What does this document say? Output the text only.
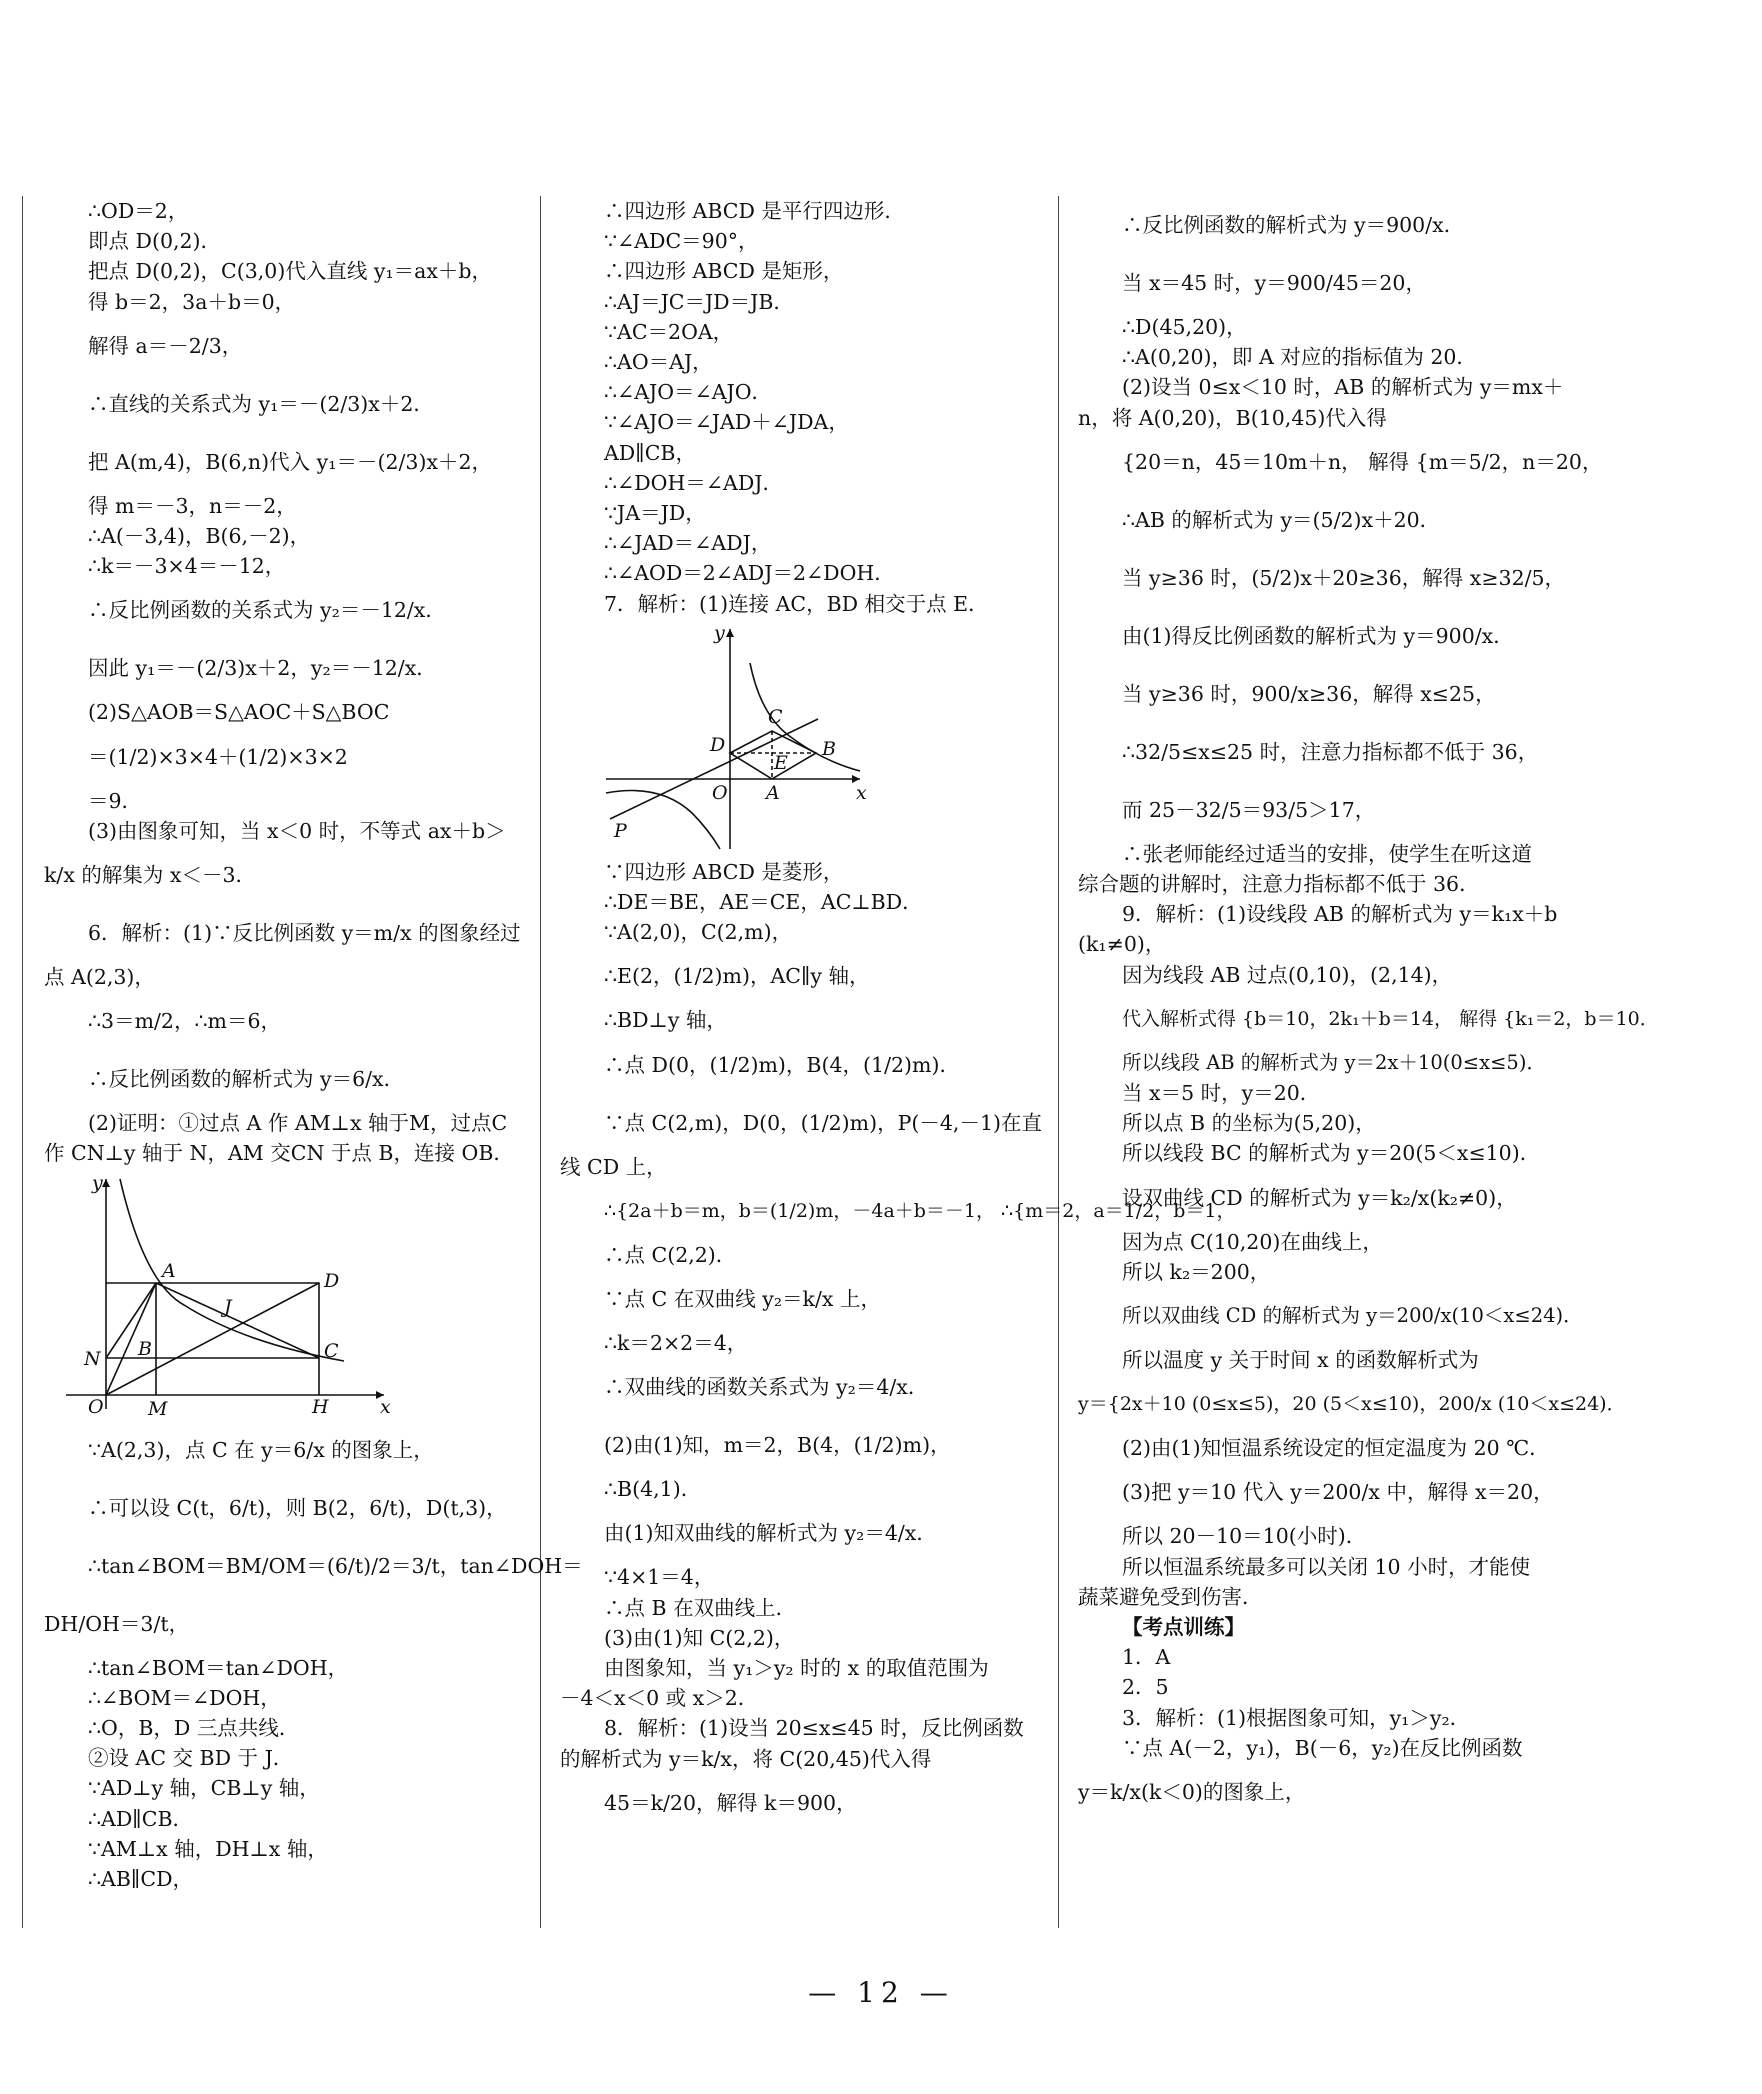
∴OD＝2，
即点 D(0,2)．
把点 D(0,2)，C(3,0)代入直线 y₁＝ax＋b，
得 b＝2，3a＋b＝0，
解得 a＝－2/3，
∴直线的关系式为 y₁＝－(2/3)x＋2．
把 A(m,4)，B(6,n)代入 y₁＝－(2/3)x＋2，
得 m＝－3，n＝－2，
∴A(－3,4)，B(6,－2)，
∴k＝－3×4＝－12，
∴反比例函数的关系式为 y₂＝－12/x．
因此 y₁＝－(2/3)x＋2，y₂＝－12/x．
(2)S△AOB＝S△AOC＋S△BOC
＝(1/2)×3×4＋(1/2)×3×2
＝9．
(3)由图象可知，当 x＜0 时，不等式 ax＋b＞
k/x 的解集为 x＜－3．
6．解析：(1)∵反比例函数 y＝m/x 的图象经过
点 A(2,3)，
∴3＝m/2，∴m＝6，
∴反比例函数的解析式为 y＝6/x．
(2)证明：①过点 A 作 AM⊥x 轴于M，过点C
作 CN⊥y 轴于 N，AM 交CN 于点 B，连接 OB．
y
A	D
J
N B	C
O M	H	x
∵A(2,3)，点 C 在 y＝6/x 的图象上，
∴可以设 C(t，6/t)，则 B(2，6/t)，D(t,3)，
∴tan∠BOM＝BM/OM＝(6/t)/2＝3/t，tan∠DOH＝
DH/OH＝3/t，
∴tan∠BOM＝tan∠DOH，
∴∠BOM＝∠DOH，
∴O，B，D 三点共线．
②设 AC 交 BD 于 J．
∵AD⊥y 轴，CB⊥y 轴，
∴AD∥CB．
∵AM⊥x 轴，DH⊥x 轴，
∴AB∥CD，
∴四边形 ABCD 是平行四边形．
∵∠ADC＝90°，
∴四边形 ABCD 是矩形，
∴AJ＝JC＝JD＝JB．
∵AC＝2OA，
∴AO＝AJ，
∴∠AJO＝∠AJO．
∵∠AJO＝∠JAD＋∠JDA，
AD∥CB，
∴∠DOH＝∠ADJ．
∵JA＝JD，
∴∠JAD＝∠ADJ，
∴∠AOD＝2∠ADJ＝2∠DOH．
7．解析：(1)连接 AC，BD 相交于点 E．
y
C
B
D
E
O A	x
P
∵四边形 ABCD 是菱形，
∴DE＝BE，AE＝CE，AC⊥BD．
∵A(2,0)，C(2,m)，
∴E(2，(1/2)m)，AC∥y 轴，
∴BD⊥y 轴，
∴点 D(0，(1/2)m)，B(4，(1/2)m)．
∵点 C(2,m)，D(0，(1/2)m)，P(－4,－1)在直
线 CD 上，
∴{2a＋b＝m，b＝(1/2)m，－4a＋b＝－1， ∴{m＝2，a＝1/2，b＝1，
∴点 C(2,2)．
∵点 C 在双曲线 y₂＝k/x 上，
∴k＝2×2＝4，
∴双曲线的函数关系式为 y₂＝4/x．
(2)由(1)知，m＝2，B(4，(1/2)m)，
∴B(4,1)．
由(1)知双曲线的解析式为 y₂＝4/x．
∵4×1＝4，
∴点 B 在双曲线上．
(3)由(1)知 C(2,2)，
由图象知，当 y₁＞y₂ 时的 x 的取值范围为
－4＜x＜0 或 x＞2．
8．解析：(1)设当 20≤x≤45 时，反比例函数
的解析式为 y＝k/x，将 C(20,45)代入得
45＝k/20，解得 k＝900，
∴反比例函数的解析式为 y＝900/x．
当 x＝45 时，y＝900/45＝20，
∴D(45,20)，
∴A(0,20)，即 A 对应的指标值为 20．
(2)设当 0≤x＜10 时，AB 的解析式为 y＝mx＋
n，将 A(0,20)，B(10,45)代入得
{20＝n，45＝10m＋n， 解得 {m＝5/2，n＝20，
∴AB 的解析式为 y＝(5/2)x＋20．
当 y≥36 时，(5/2)x＋20≥36，解得 x≥32/5，
由(1)得反比例函数的解析式为 y＝900/x．
当 y≥36 时，900/x≥36，解得 x≤25，
∴32/5≤x≤25 时，注意力指标都不低于 36，
而 25－32/5＝93/5＞17，
∴张老师能经过适当的安排，使学生在听这道
综合题的讲解时，注意力指标都不低于 36．
9．解析：(1)设线段 AB 的解析式为 y＝k₁x＋b
(k₁≠0)，
因为线段 AB 过点(0,10)，(2,14)，
代入解析式得 {b＝10，2k₁＋b＝14， 解得 {k₁＝2，b＝10．
所以线段 AB 的解析式为 y＝2x＋10(0≤x≤5)．
当 x＝5 时，y＝20．
所以点 B 的坐标为(5,20)，
所以线段 BC 的解析式为 y＝20(5＜x≤10)．
设双曲线 CD 的解析式为 y＝k₂/x(k₂≠0)，
因为点 C(10,20)在曲线上，
所以 k₂＝200，
所以双曲线 CD 的解析式为 y＝200/x(10＜x≤24)．
所以温度 y 关于时间 x 的函数解析式为
y＝{2x＋10 (0≤x≤5)，20 (5＜x≤10)，200/x (10＜x≤24)．
(2)由(1)知恒温系统设定的恒定温度为 20 ℃．
(3)把 y＝10 代入 y＝200/x 中，解得 x＝20，
所以 20－10＝10(小时)．
所以恒温系统最多可以关闭 10 小时，才能使
蔬菜避免受到伤害．
【考点训练】
1．A
2．5
3．解析：(1)根据图象可知，y₁＞y₂．
∵点 A(－2，y₁)，B(－6，y₂)在反比例函数
y＝k/x(k＜0)的图象上，
— 12 —
